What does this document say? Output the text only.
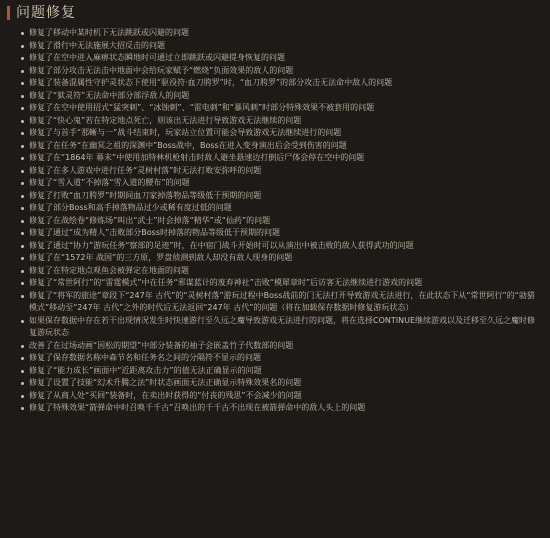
问题修复
修复了移动中某时机下无法跳跃或闪避的问题
修复了滑行中无法施展大招反击的问题
修复了在空中进入麻痹状态瞬地时可通过立即跳跃或闪避提身恢复的问题
修复了部分攻击无法击中地面中会给玩家赋予“燃烧”负面效果的敌人的问题
修复了装备混属性守护灵状态下使用“驱役符·血刀胯罗”时，“血刀胯罗”的部分攻击无法命中敌人的问题
修复了“狱灵符”无法命中部分部浮敌人的问题
修复了在空中使用招式“猛突刺”、“冰蚀刺”、“雷电刺”和“暴风刺”时部分特殊效果不被套用的问题
修复了“快心鬼”若在特定地点死亡，则该出无法进行导致游戏无法继续的问题
修复了与首手“那蜥与一”战斗结束时，玩家站立位置可能会导致游戏无法继续进行的问题
修复了在任务“在幽冥之祖的深渊中”Boss战中，Boss在进入变身演出后会受到伤害的问题
修复了在“1864年 幕末”中使用加特林机枪射击时敌人避坐悬速边打倒后尸体会停在空中的问题
修复了在多人游戏中进行任务“灵树村落”时无法打败安弥呼的问题
修复了“雪入道”不掉落“雪入道的腰布”的问题
修复了打败“血刀胯罗”时期间血刀家掉落物品等级低于预期的问题
修复了部分Boss和高手掉落物品过少或稀有度过低的问题
修复了在战绘卷“修炼场”叫出“武士”时会掉落“精华”或“仙药”的问题
修复了通过“成为精人”击败部分Boss时掉落的物品等级低于预期的问题
修复了通过“协力”游玩任务“察部的足迹”时，在中宿门战斗开始时可以从演出中被击败的敌人获得武功的问题
修复了在“1572年 战国”的三方原，罗盘侦测到敌人却没有敌人现身的问题
修复了在特定地点观鱼会被弹定在地面的问题
修复了“常世阿行”的“雷霆模式”中在任务“邪谋蓝计的废弃神社”击败“模犀章时”后访客无法继续进行游戏的问题
修复了“将军的旅途”章段下“247年 古代”的“灵树村落”游玩过程中Boss战前的门无法打开导致游戏无法进行，在此状态下从“常世阿行”的“勍猎模式”移动至“247年 古代”之外的时代后无法返回“247年 古代”的问题（将在加载保存数据时修复游玩状态）
如果保存数据中存在若干出现情况发生时快速游行至久远之魔导致游戏无法进行的问题，将在选择CONTINUE继续游戏以及迁移至久远之魔时修复游玩状态
改善了在过场动画“因松的期望”中部分装备的袖子会嵌盖竹子代数部的问题
修复了保存数据名称中森节名和任务名之间的分隔符不显示的问题
修复了“能力成长”画面中“近距离攻击力”的值无法正确显示的问题
修复了设置了技能“幻术升腾之法”时状态画面无法正确显示特殊效果名的问题
修复了从商人处“买回”装备时，在卖出时获得的“付丧的残思”不会减少的问题
修复了特殊效果“箭弹命中时召唤千千古”召唤出的千千古不出现在被箭弹命中的敌人头上的问题
